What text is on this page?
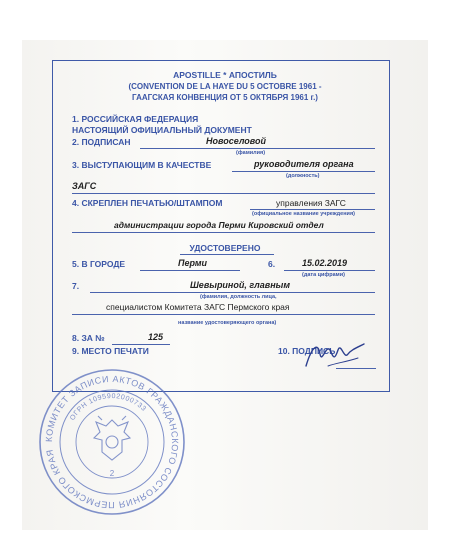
APOSTILLE * АПОСТИЛЬ
(CONVENTION DE LA HAYE DU 5 OCTOBRE 1961 -
ГААГСКАЯ КОНВЕНЦИЯ ОТ 5 ОКТЯБРЯ 1961 г.)
1. РОССИЙСКАЯ ФЕДЕРАЦИЯ
НАСТОЯЩИЙ ОФИЦИАЛЬНЫЙ ДОКУМЕНТ
2. ПОДПИСАН	Новоселовой
(фамилия)
3. ВЫСТУПАЮЩИМ В КАЧЕСТВЕ	руководителя органа
(должность)
ЗАГС
4. СКРЕПЛЕН ПЕЧАТЬЮ/ШТАМПОМ	управления ЗАГС
(официальное название учреждения)
администрации города Перми Кировский отдел
УДОСТОВЕРЕНО
5. В ГОРОДЕ	Перми	6.	15.02.2019
(дата цифрами)
7.	Шевыриной, главным
(фамилия, должность лица,
специалистом Комитета ЗАГС Пермского края
название удостоверяющего органа)
8. ЗА №	125
9. МЕСТО ПЕЧАТИ	10. ПОДПИСЬ
КОМИТЕТ ЗАПИСИ АКТОВ ГРАЖДАНСКОГО СОСТОЯНИЯ ПЕРМСКОГО КРАЯ
ОГРН 1095902000733
2
